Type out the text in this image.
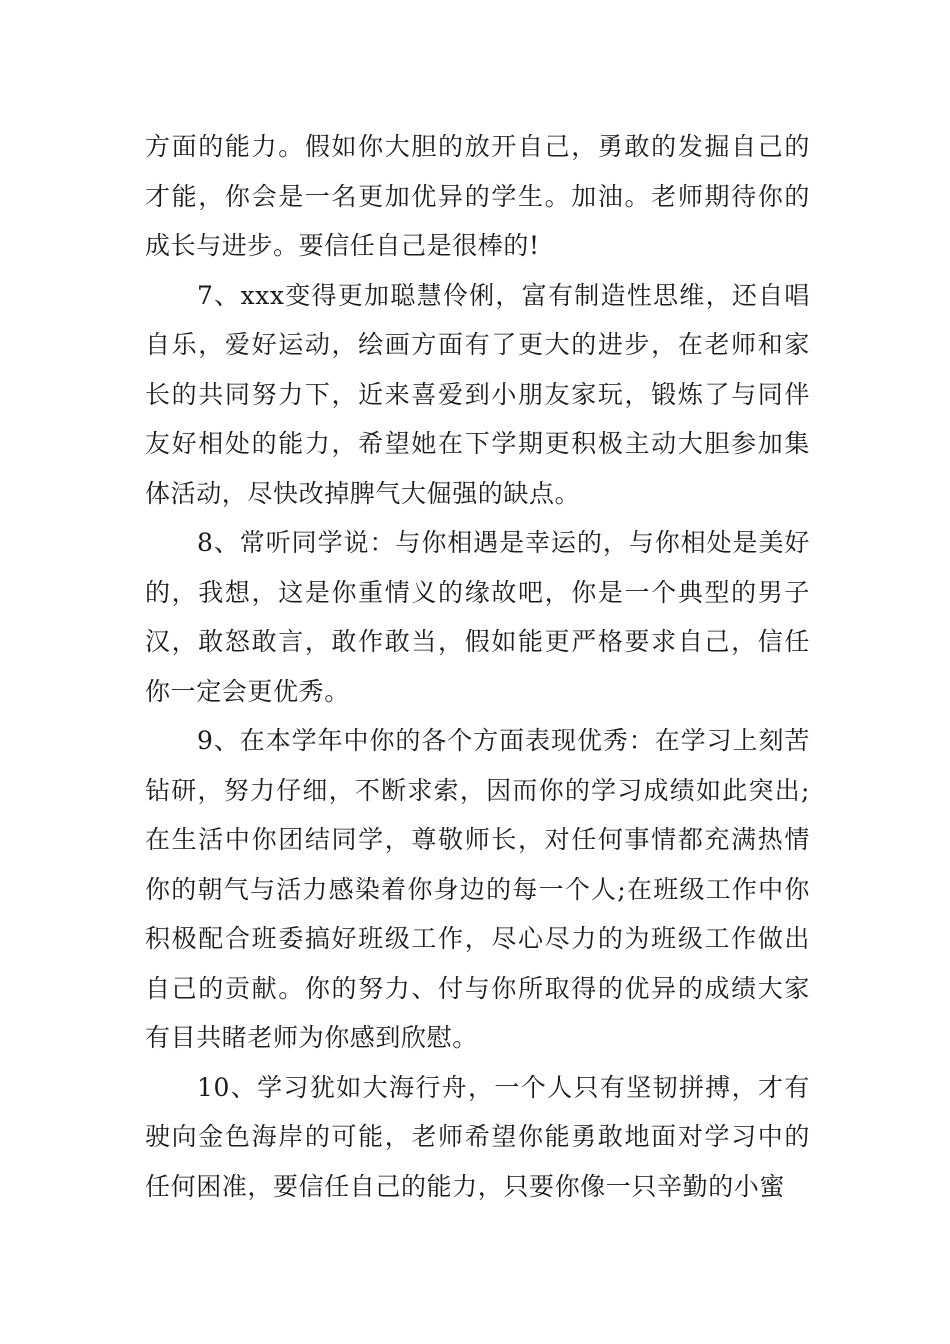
方面的能力。假如你大胆的放开自己，勇敢的发掘自己的才能，你会是一名更加优异的学生。加油。老师期待你的成长与进步。要信任自己是很棒的!

7、xxx变得更加聪慧伶俐，富有制造性思维，还自唱自乐，爱好运动，绘画方面有了更大的进步，在老师和家长的共同努力下，近来喜爱到小朋友家玩，锻炼了与同伴友好相处的能力，希望她在下学期更积极主动大胆参加集体活动，尽快改掉脾气大倔强的缺点。

8、常听同学说：与你相遇是幸运的，与你相处是美好的，我想，这是你重情义的缘故吧，你是一个典型的男子汉，敢怒敢言，敢作敢当，假如能更严格要求自己，信任你一定会更优秀。

9、在本学年中你的各个方面表现优秀：在学习上刻苦钻研，努力仔细，不断求索，因而你的学习成绩如此突出;在生活中你团结同学，尊敬师长，对任何事情都充满热情你的朝气与活力感染着你身边的每一个人;在班级工作中你积极配合班委搞好班级工作，尽心尽力的为班级工作做出自己的贡献。你的努力、付与你所取得的优异的成绩大家有目共睹老师为你感到欣慰。

10、学习犹如大海行舟，一个人只有坚韧拼搏，才有驶向金色海岸的可能，老师希望你能勇敢地面对学习中的任何困准，要信任自己的能力，只要你像一只辛勤的小蜜
